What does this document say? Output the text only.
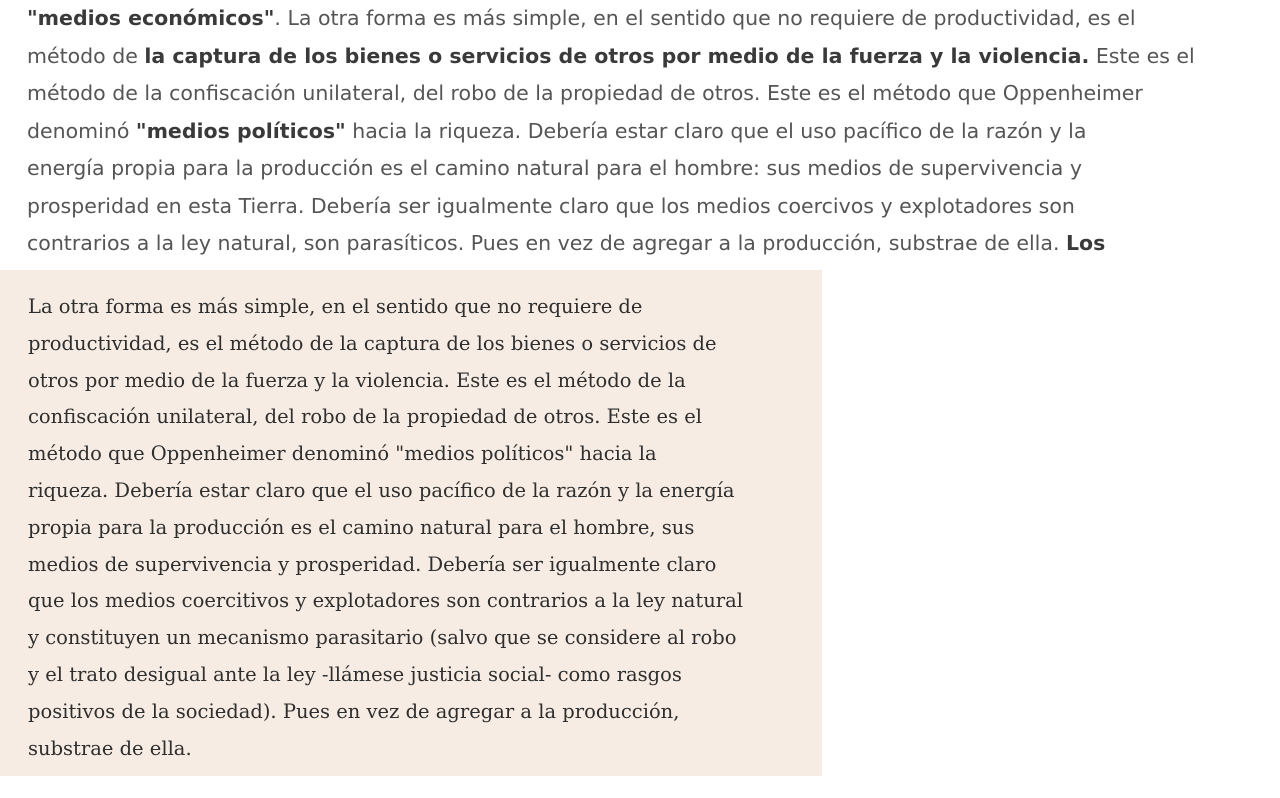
"medios económicos". La otra forma es más simple, en el sentido que no requiere de productividad, es el
método de la captura de los bienes o servicios de otros por medio de la fuerza y la violencia. Este es el
método de la confiscación unilateral, del robo de la propiedad de otros. Este es el método que Oppenheimer
denominó "medios políticos" hacia la riqueza. Debería estar claro que el uso pacífico de la razón y la
energía propia para la producción es el camino natural para el hombre: sus medios de supervivencia y
prosperidad en esta Tierra. Debería ser igualmente claro que los medios coercivos y explotadores son
contrarios a la ley natural, son parasíticos. Pues en vez de agregar a la producción, substrae de ella. Los
La otra forma es más simple, en el sentido que no requiere de
productividad, es el método de la captura de los bienes o servicios de
otros por medio de la fuerza y la violencia. Este es el método de la
confiscación unilateral, del robo de la propiedad de otros. Este es el
método que Oppenheimer denominó "medios políticos" hacia la
riqueza. Debería estar claro que el uso pacífico de la razón y la energía
propia para la producción es el camino natural para el hombre, sus
medios de supervivencia y prosperidad. Debería ser igualmente claro
que los medios coercitivos y explotadores son contrarios a la ley natural
y constituyen un mecanismo parasitario (salvo que se considere al robo
y el trato desigual ante la ley -llámese justicia social- como rasgos
positivos de la sociedad). Pues en vez de agregar a la producción,
substrae de ella.
